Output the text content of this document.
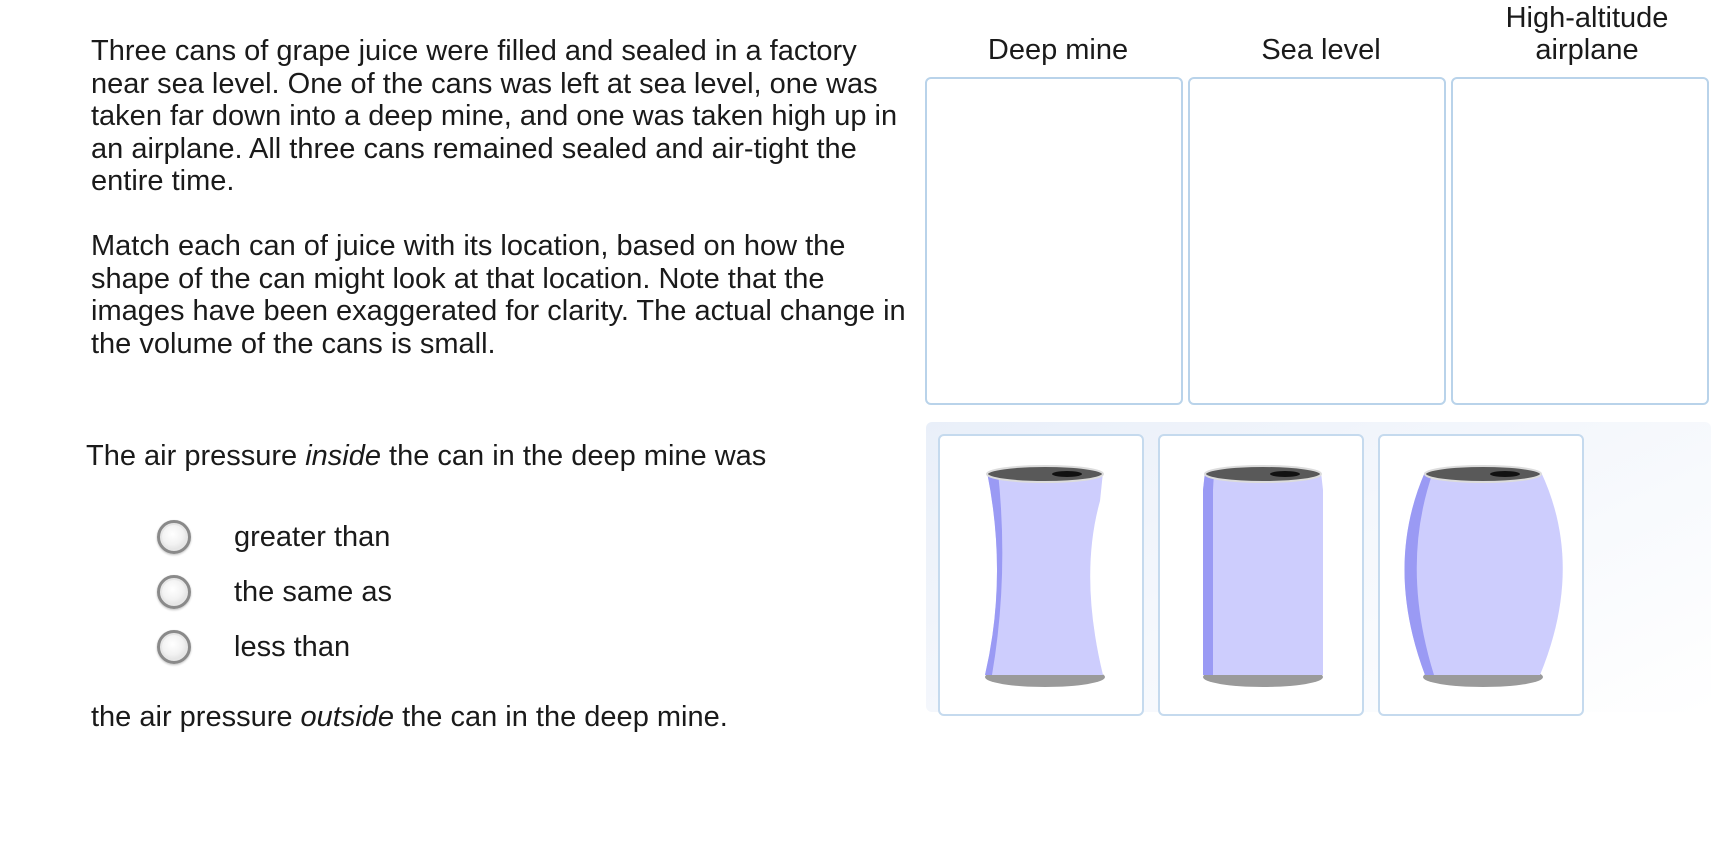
Three cans of grape juice were filled and sealed in a factory near sea level. One of the cans was left at sea level, one was taken far down into a deep mine, and one was taken high up in an airplane. All three cans remained sealed and air-tight the entire time.

Match each can of juice with its location, based on how the shape of the can might look at that location. Note that the images have been exaggerated for clarity. The actual change in the volume of the cans is small.

The air pressure inside the can in the deep mine was

greater than
the same as
less than

the air pressure outside the can in the deep mine.

Deep mine	Sea level
High-altitude airplane
